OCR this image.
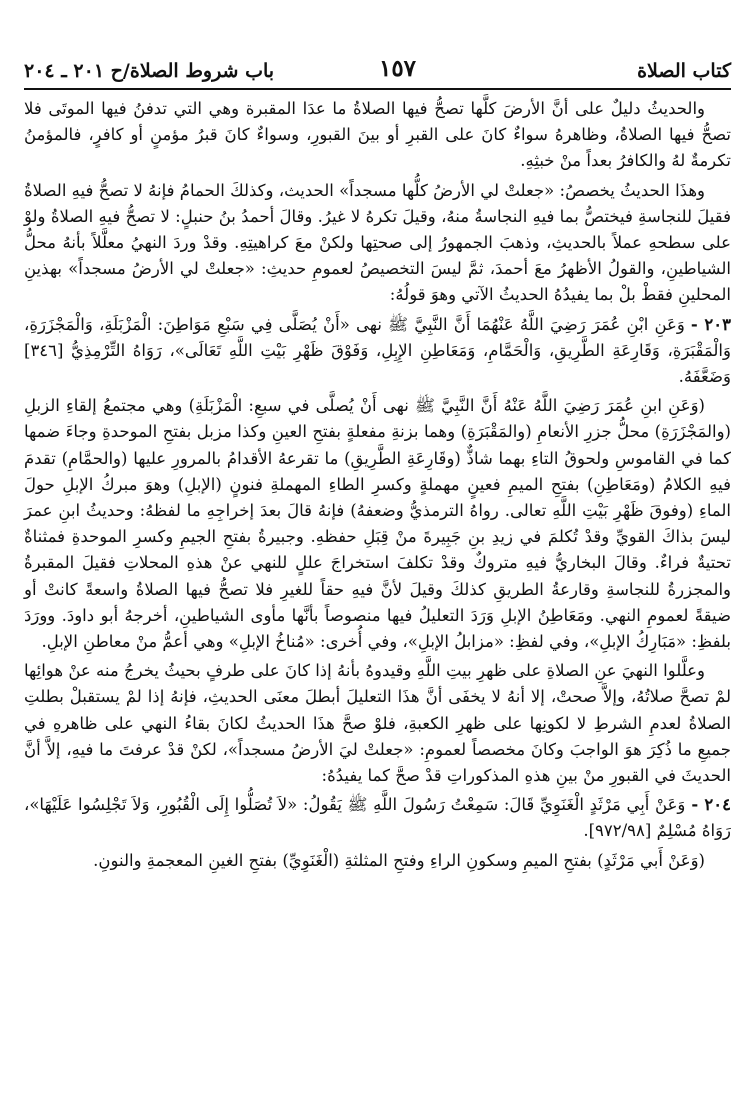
كتاب الصلاة
١٥٧
باب شروط الصلاة/ح ٢٠١ ـ ٢٠٤

والحديثُ دليلٌ على أنَّ الأرضَ كلَّها تصحُّ فيها الصلاةُ ما عدَا المقبرة وهي التي تدفنُ فيها الموتَى فلا تصحُّ فيها الصلاةُ، وظاهرهُ سواءٌ كانَ على القبرِ أو بينَ القبورِ، وسواءٌ كانَ قبرُ مؤمنٍ أو كافرٍ، فالمؤمنُ تكرمةٌ لهُ والكافرُ بعداً منْ خبثِهِ.

وهذَا الحديثُ يخصصُ: «جعلتْ لي الأرضُ كلُّها مسجداً» الحديث، وكذلكَ الحمامُ فإنهُ لا تصحُّ فيهِ الصلاةُ فقيلَ للنجاسةِ فيختصُّ بما فيهِ النجاسةُ منهُ، وقيلَ تكرهُ لا غيرُ. وقالَ أحمدُ بنُ حنبلٍ: لا تصحُّ فيهِ الصلاةُ ولوْ على سطحهِ عملاً بالحديثِ، وذهبَ الجمهورُ إلى صحتِها ولكنْ معَ كراهيتِهِ. وقدْ وردَ النهيُ معلَّلاً بأنهُ محلُّ الشياطينِ، والقولُ الأظهرُ معَ أحمدَ، ثمَّ ليسَ التخصيصُ لعمومِ حديثِ: «جعلتْ لي الأرضُ مسجداً» بهذينِ المحلينِ فقطْ بلْ بما يفيدُهُ الحديثُ الآتي وهوَ قولُهُ:

٢٠٣ -وَعَنِ ابْنِ عُمَرَ رَضِيَ اللَّهُ عَنْهُمَا أَنَّ النَّبِيَّ ﷺ نهى «أَنْ يُصَلَّى فِي سَبْعِ مَوَاطِنَ: الْمَزْبَلَةِ، وَالْمَجْزَرَةِ، وَالْمَقْبَرَةِ، وَقَارِعَةِ الطَّرِيقِ، وَالْحَمَّامِ، وَمَعَاطِنِ الإِبِلِ، وَفَوْقَ ظَهْرِ بَيْتِ اللَّهِ تَعَالَى»، رَوَاهُ التِّرْمِذِيُّ [٣٤٦] وَضَعَّفَهُ.

(وَعَنِ ابنِ عُمَرَ رَضِيَ اللَّهُ عَنْهُ أَنَّ النَّبِيَّ ﷺ نهى أَنْ يُصلَّى في سبعِ: الْمَزْبَلَةِ) وهي مجتمعُ إلقاءِ الزبلِ (والمَجْزَرَةِ) محلُّ جزرِ الأنعامِ (والمَقْبَرَةِ) وهما بزنةِ مفعلةٍ بفتحِ العينِ وكذا مزبل بفتحِ الموحدةِ وجاءَ ضمها كما في القاموسِ ولحوقُ التاءِ بهما شاذٌّ (وقَارِعَةِ الطَّرِيقِ) ما تقرعهُ الأقدامُ بالمرورِ عليها (والحمَّامِ) تقدمَ فيهِ الكلامُ (ومَعَاطِنِ) بفتحِ الميمِ فعينٍ مهملةٍ وكسرِ الطاءِ المهملةِ فنونٍ (الإبلِ) وهوَ مبركُ الإبلِ حولَ الماءِ (وفوقَ ظَهْرِ بَيْتِ اللَّهِ تعالى. رواهُ الترمذيُّ وضعفهُ) فإنهُ قالَ بعدَ إخراجِهِ ما لفظهُ: وحديثُ ابنِ عمرَ ليسَ بذاكَ القويِّ وقدْ تُكلمَ في زيدِ بنِ جَبِيرةَ منْ قِبَلِ حفظهِ. وجبيرةُ بفتحِ الجيمِ وكسرِ الموحدةِ فمثناةٌ تحتيةٌ فراءٌ. وقالَ البخاريُّ فيهِ متروكٌ وقدْ تكلفَ استخراجَ عللٍ للنهي عنْ هذهِ المحلاتِ فقيلَ المقبرةُ والمجزرةُ للنجاسةِ وقارعةُ الطريقِ كذلكَ وقيلَ لأنَّ فيهِ حقاً للغيرِ فلا تصحُّ فيها الصلاةُ واسعةً كانتْ أو ضيقةً لعمومِ النهي. ومَعَاطِنُ الإبلِ وَرَدَ التعليلُ فيها منصوصاً بأنَّها مأوى الشياطينِ، أخرجهُ أبو داودَ. وورَدَ بلفظِ: «مَبَارِكُ الإبلِ»، وفي لفظِ: «مزابلُ الإبلِ»، وفي أُخرى: «مُناخُ الإبلِ» وهي أعمُّ منْ معاطنِ الإبلِ.

وعلَّلوا النهيَ عنِ الصلاةِ على ظهرِ بيتِ اللَّهِ وقيدوهُ بأنهُ إذا كانَ على طرفٍ بحيثُ يخرجُ منه عنْ هوائِها لمْ تصحَّ صلاتُهُ، وإلاَّ صحتْ، إلا أنهُ لا يخفَى أنَّ هذَا التعليلَ أبطلَ معنَى الحديثِ، فإنهُ إذا لمْ يستقبلْ بطلتِ الصلاةُ لعدمِ الشرطِ لا لكونِها على ظهرِ الكعبةِ، فلوْ صحَّ هذَا الحديثُ لكانَ بقاءُ النهي على ظاهرهِ في جميعِ ما ذُكِرَ هوَ الواجبَ وكانَ مخصصاً لعمومِ: «جعلتْ ليَ الأرضُ مسجداً»، لكنْ قدْ عرفتَ ما فيهِ، إلاَّ أنَّ الحديثَ في القبورِ منْ بينِ هذهِ المذكوراتِ قدْ صحَّ كما يفيدُهُ:

٢٠٤ -وَعَنْ أَبِي مَرْثَدٍ الْغَنَوِيِّ قَالَ: سَمِعْتُ رَسُولَ اللَّهِ ﷺ يَقُولُ: «لاَ تُصَلُّوا إِلَى الْقُبُورِ، وَلاَ تَجْلِسُوا عَلَيْهَا»، رَوَاهُ مُسْلِمٌ [٩٧٢/٩٨].

(وَعَنْ أَبي مَرْثَدٍ) بفتحِ الميمِ وسكونِ الراءِ وفتحِ المثلثةِ (الْغَنَوِيِّ) بفتحِ الغينِ المعجمةِ والنونِ.
